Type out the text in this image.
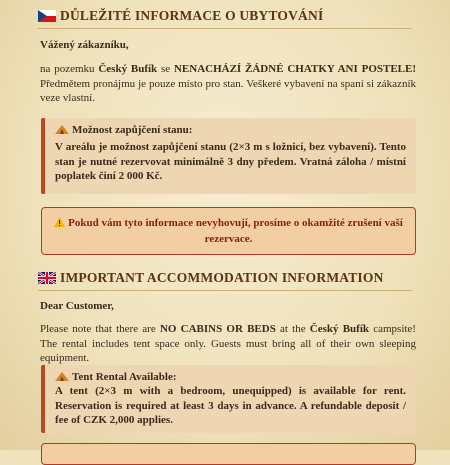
DŮLEŽITÉ INFORMACE O UBYTOVÁNÍ
Vážený zákazníku,
na pozemku Český Bufík se NENACHÁZÍ ŽÁDNÉ CHATKY ANI POSTELE! Předmětem pronájmu je pouze místo pro stan. Veškeré vybavení na spaní si zákazník veze vlastní.
Možnost zapůjčení stanu:
V areálu je možnost zapůjčení stanu (2×3 m s ložnicí, bez vybavení). Tento stan je nutné rezervovat minimálně 3 dny předem. Vratná záloha / místní poplatek činí 2 000 Kč.
Pokud vám tyto informace nevyhovují, prosíme o okamžité zrušení vaší rezervace.
IMPORTANT ACCOMMODATION INFORMATION
Dear Customer,
Please note that there are NO CABINS OR BEDS at the Český Bufík campsite! The rental includes tent space only. Guests must bring all of their own sleeping equipment.
Tent Rental Available:
A tent (2×3 m with a bedroom, unequipped) is available for rent. Reservation is required at least 3 days in advance. A refundable deposit / fee of CZK 2,000 applies.
